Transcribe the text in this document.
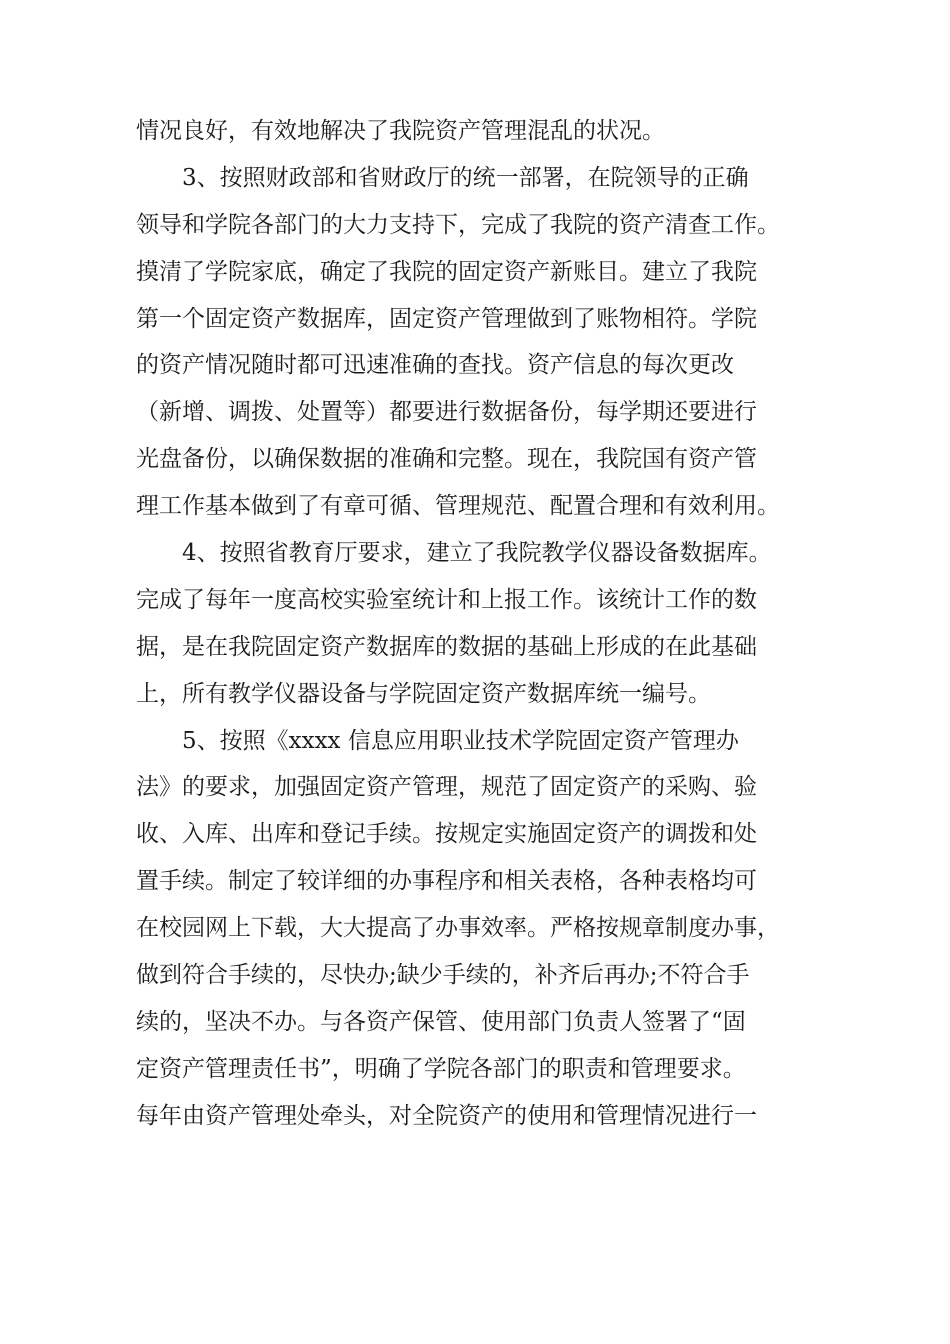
情况良好，有效地解决了我院资产管理混乱的状况。
3、按照财政部和省财政厅的统一部署，在院领导的正确
领导和学院各部门的大力支持下，完成了我院的资产清查工作。
摸清了学院家底，确定了我院的固定资产新账目。建立了我院
第一个固定资产数据库，固定资产管理做到了账物相符。学院
的资产情况随时都可迅速准确的查找。资产信息的每次更改
（新增、调拨、处置等）都要进行数据备份，每学期还要进行
光盘备份，以确保数据的准确和完整。现在，我院国有资产管
理工作基本做到了有章可循、管理规范、配置合理和有效利用。
4、按照省教育厅要求，建立了我院教学仪器设备数据库。
完成了每年一度高校实验室统计和上报工作。该统计工作的数
据，是在我院固定资产数据库的数据的基础上形成的在此基础
上，所有教学仪器设备与学院固定资产数据库统一编号。
5、按照《xxxx 信息应用职业技术学院固定资产管理办
法》的要求，加强固定资产管理，规范了固定资产的采购、验
收、入库、出库和登记手续。按规定实施固定资产的调拨和处
置手续。制定了较详细的办事程序和相关表格，各种表格均可
在校园网上下载，大大提高了办事效率。严格按规章制度办事，
做到符合手续的，尽快办;缺少手续的，补齐后再办;不符合手
续的，坚决不办。与各资产保管、使用部门负责人签署了“固
定资产管理责任书”，明确了学院各部门的职责和管理要求。
每年由资产管理处牵头，对全院资产的使用和管理情况进行一
